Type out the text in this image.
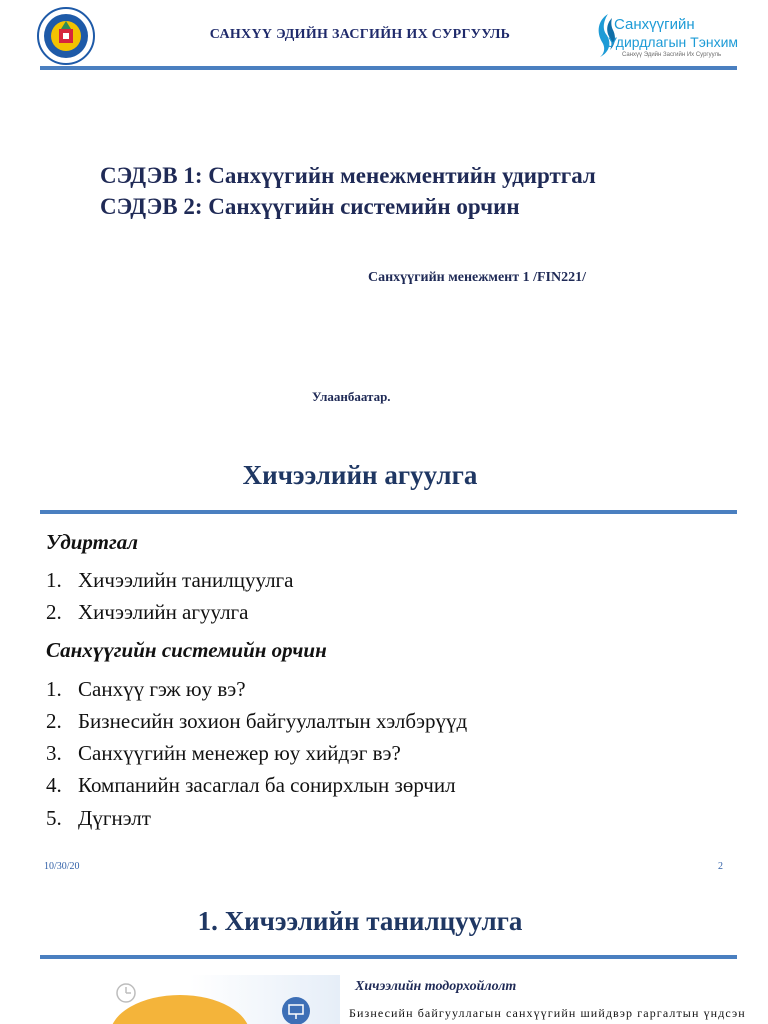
САНХҮҮ ЭДИЙН ЗАСГИЙН ИХ СУРГУУЛЬ
Санхүүгийн
Удирдлагын Тэнхим
Санхүү Эдийн Засгийн Их Сургууль
СЭДЭВ 1: Санхүүгийн менежментийн удиртгал
СЭДЭВ 2: Санхүүгийн системийн орчин
Санхүүгийн менежмент 1 /FIN221/
Улаанбаатар.
Хичээлийн агуулга
Удиртгал
1. Хичээлийн танилцуулга
2. Хичээлийн агуулга
Санхүүгийн системийн орчин
1. Санхүү гэж юу вэ?
2. Бизнесийн зохион байгуулалтын хэлбэрүүд
3. Санхүүгийн менежер юу хийдэг вэ?
4. Компанийн засаглал ба сонирхлын зөрчил
5. Дүгнэлт
10/30/20	2
1. Хичээлийн танилцуулга
Хичээлийн тодорхойлолт
Бизнесийн байгууллагын санхүүгийн шийдвэр гаргалтын үндсэн
